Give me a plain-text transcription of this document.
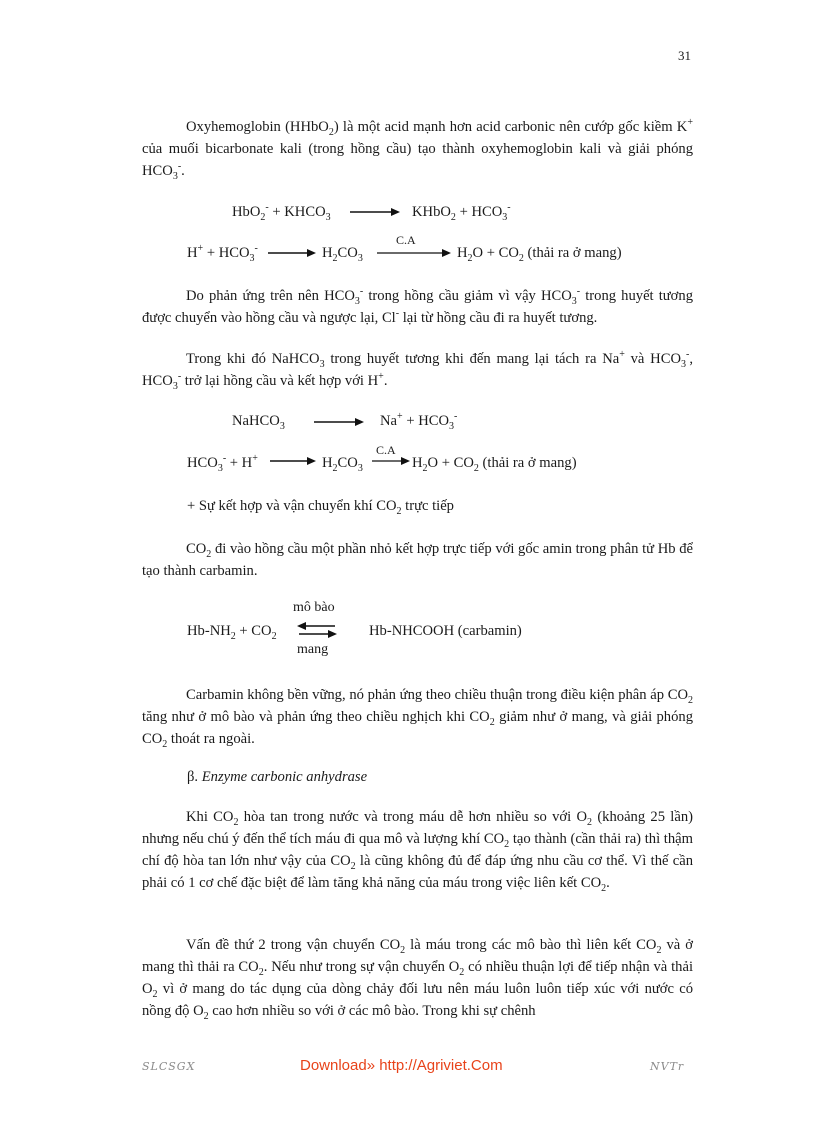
31
Oxyhemoglobin (HHbO$_2$) là một acid mạnh hơn acid carbonic nên cướp gốc kiềm K+ của muối bicarbonate kali (trong hồng cầu) tạo thành oxyhemoglobin kali và giải phóng $HCO_3^-$.
$HbO_2^- + KHCO_3$ → KHbO$_2$ + $HCO_3^-$
$H^+ + HCO_3^- \to H_2CO_3$
C.A
$H_2O + CO_2$ (thải ra ở mang)
Do phản ứng trên nên $HCO_3^-$ trong hồng cầu giảm vì vậy $HCO_3^-$ trong huyết tương được chuyển vào hồng cầu và ngược lại, Cl- lại từ hồng cầu đi ra huyết tương.
Trong khi đó NaHCO$_3$ trong huyết tương khi đến mang lại tách ra Na+ và $HCO_3^-$, $HCO_3^-$ trở lại hồng cầu và kết hợp với H+.
NaHCO$_3$ → $Na^+ + HCO_3^-$
$HCO_3^- + H^+ \to H_2CO_3$
C.A
$H_2O + CO_2$ (thải ra ở mang)
+ Sự kết hợp và vận chuyển khí $CO_2$ trực tiếp
$CO_2$ đi vào hồng cầu một phần nhỏ kết hợp trực tiếp với gốc amin trong phân tử Hb để tạo thành carbamin.
mô bào
$Hb-NH_2 + CO_2$ ⇌
mang
Hb-NHCOOH (carbamin)
Carbamin không bền vững, nó phản ứng theo chiều thuận trong điều kiện phân áp $CO_2$ tăng như ở mô bào và phản ứng theo chiều nghịch khi $CO_2$ giảm như ở mang, và giải phóng $CO_2$ thoát ra ngoài.
β. Enzyme carbonic anhydrase
Khi $CO_2$ hòa tan trong nước và trong máu dễ hơn nhiều so với $O_2$ (khoảng 25 lần) nhưng nếu chú ý đến thể tích máu đi qua mô và lượng khí $CO_2$ tạo thành (cần thải ra) thì thậm chí độ hòa tan lớn như vậy của $CO_2$ là cũng không đủ để đáp ứng nhu cầu cơ thể. Vì thế cần phải có 1 cơ chế đặc biệt để làm tăng khả năng của máu trong việc liên kết $CO_2$.
Vấn đề thứ 2 trong vận chuyển $CO_2$ là máu trong các mô bào thì liên kết $CO_2$ và ở mang thì thải ra $CO_2$. Nếu như trong sự vận chuyển $O_2$ có nhiều thuận lợi để tiếp nhận và thải $O_2$ vì ở mang do tác dụng của dòng chảy đối lưu nên máu luôn luôn tiếp xúc với nước có nồng độ $O_2$ cao hơn nhiều so với ở các mô bào. Trong khi sự chênh
SLCSGX	Download» http://Agriviet.Com	NVTr
